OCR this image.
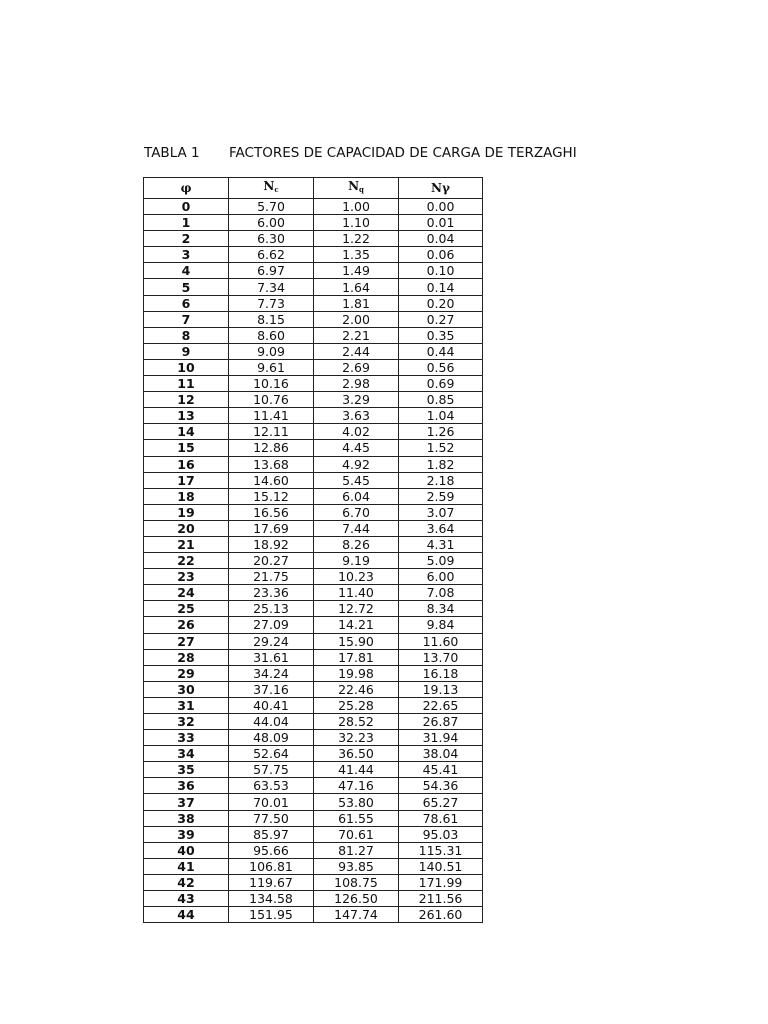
TABLA 1 FACTORES DE CAPACIDAD DE CARGA DE TERZAGHI
φ	$N_c$	$N_q$	Nγ
0	5.70	1.00	0.00
1	6.00	1.10	0.01
2	6.30	1.22	0.04
3	6.62	1.35	0.06
4	6.97	1.49	0.10
5	7.34	1.64	0.14
6	7.73	1.81	0.20
7	8.15	2.00	0.27
8	8.60	2.21	0.35
9	9.09	2.44	0.44
10	9.61	2.69	0.56
11	10.16	2.98	0.69
12	10.76	3.29	0.85
13	11.41	3.63	1.04
14	12.11	4.02	1.26
15	12.86	4.45	1.52
16	13.68	4.92	1.82
17	14.60	5.45	2.18
18	15.12	6.04	2.59
19	16.56	6.70	3.07
20	17.69	7.44	3.64
21	18.92	8.26	4.31
22	20.27	9.19	5.09
23	21.75	10.23	6.00
24	23.36	11.40	7.08
25	25.13	12.72	8.34
26	27.09	14.21	9.84
27	29.24	15.90	11.60
28	31.61	17.81	13.70
29	34.24	19.98	16.18
30	37.16	22.46	19.13
31	40.41	25.28	22.65
32	44.04	28.52	26.87
33	48.09	32.23	31.94
34	52.64	36.50	38.04
35	57.75	41.44	45.41
36	63.53	47.16	54.36
37	70.01	53.80	65.27
38	77.50	61.55	78.61
39	85.97	70.61	95.03
40	95.66	81.27	115.31
41	106.81	93.85	140.51
42	119.67	108.75	171.99
43	134.58	126.50	211.56
44	151.95	147.74	261.60
